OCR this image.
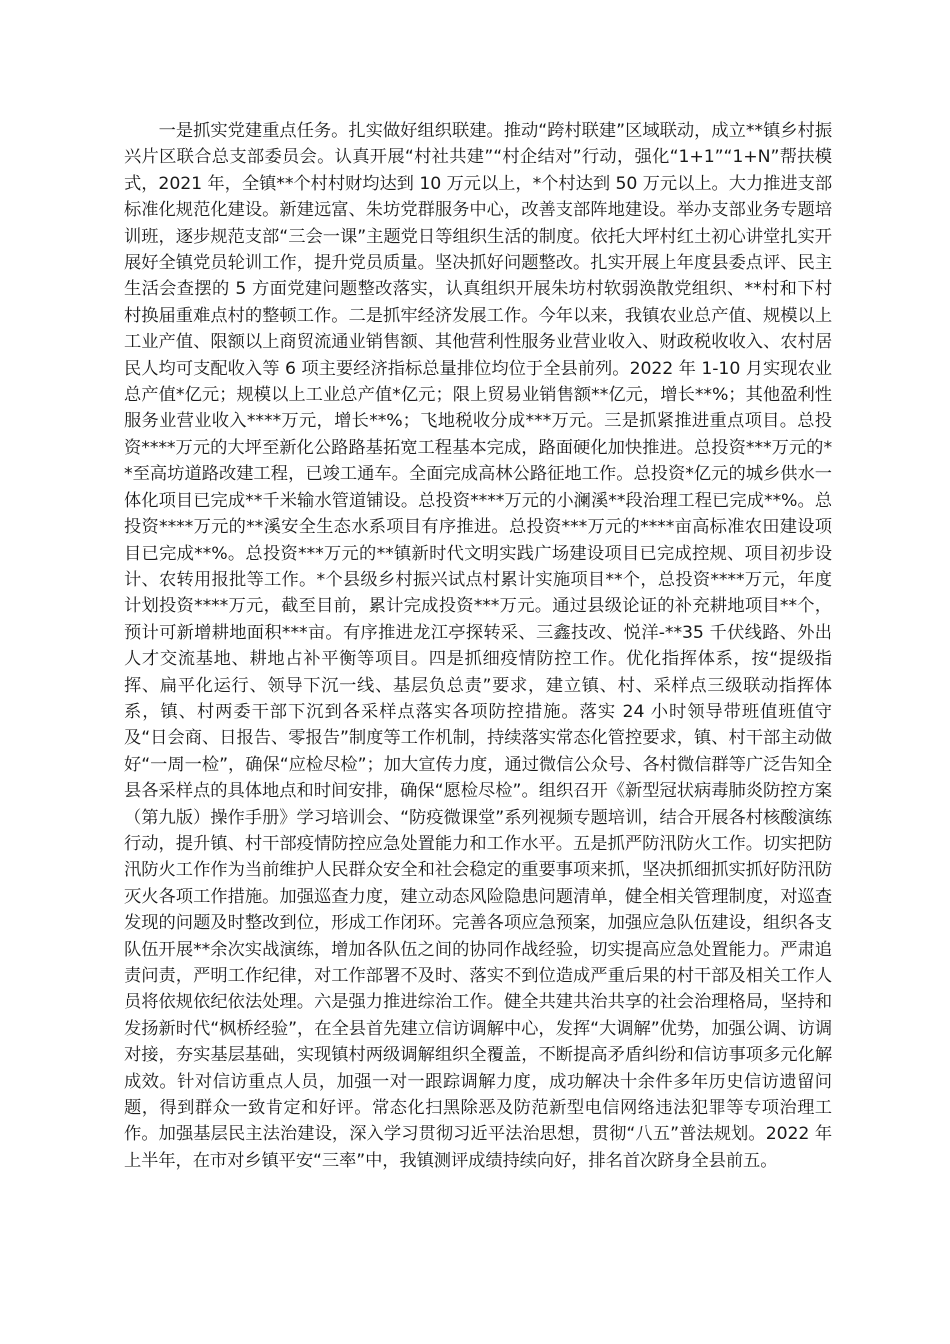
一是抓实党建重点任务。扎实做好组织联建。推动“跨村联建”区域联动，成立**镇乡村振兴片区联合总支部委员会。认真开展“村社共建”“村企结对”行动，强化“1+1”“1+N”帮扶模式，2021 年，全镇**个村村财均达到 10 万元以上，*个村达到 50 万元以上。大力推进支部标准化规范化建设。新建远富、朱坊党群服务中心，改善支部阵地建设。举办支部业务专题培训班，逐步规范支部“三会一课”主题党日等组织生活的制度。依托大坪村红土初心讲堂扎实开展好全镇党员轮训工作，提升党员质量。坚决抓好问题整改。扎实开展上年度县委点评、民主生活会查摆的 5 方面党建问题整改落实，认真组织开展朱坊村软弱涣散党组织、**村和下村村换届重难点村的整顿工作。二是抓牢经济发展工作。今年以来，我镇农业总产值、规模以上工业产值、限额以上商贸流通业销售额、其他营利性服务业营业收入、财政税收收入、农村居民人均可支配收入等 6 项主要经济指标总量排位均位于全县前列。2022 年 1-10 月实现农业总产值*亿元；规模以上工业总产值*亿元；限上贸易业销售额**亿元，增长**%；其他盈利性服务业营业收入****万元，增长**%；飞地税收分成***万元。三是抓紧推进重点项目。总投资****万元的大坪至新化公路路基拓宽工程基本完成，路面硬化加快推进。总投资***万元的**至高坊道路改建工程，已竣工通车。全面完成高林公路征地工作。总投资*亿元的城乡供水一体化项目已完成**千米输水管道铺设。总投资****万元的小澜溪**段治理工程已完成**%。总投资****万元的**溪安全生态水系项目有序推进。总投资***万元的****亩高标准农田建设项目已完成**%。总投资***万元的**镇新时代文明实践广场建设项目已完成控规、项目初步设计、农转用报批等工作。*个县级乡村振兴试点村累计实施项目**个，总投资****万元，年度计划投资****万元，截至目前，累计完成投资***万元。通过县级论证的补充耕地项目**个，预计可新增耕地面积***亩。有序推进龙江亭探转采、三鑫技改、悦洋-**35 千伏线路、外出人才交流基地、耕地占补平衡等项目。四是抓细疫情防控工作。优化指挥体系，按“提级指挥、扁平化运行、领导下沉一线、基层负总责”要求，建立镇、村、采样点三级联动指挥体系，镇、村两委干部下沉到各采样点落实各项防控措施。落实 24 小时领导带班值班值守及“日会商、日报告、零报告”制度等工作机制，持续落实常态化管控要求，镇、村干部主动做好“一周一检”，确保“应检尽检”；加大宣传力度，通过微信公众号、各村微信群等广泛告知全县各采样点的具体地点和时间安排，确保“愿检尽检”。组织召开《新型冠状病毒肺炎防控方案（第九版）操作手册》学习培训会、“防疫微课堂”系列视频专题培训，结合开展各村核酸演练行动，提升镇、村干部疫情防控应急处置能力和工作水平。五是抓严防汛防火工作。切实把防汛防火工作作为当前维护人民群众安全和社会稳定的重要事项来抓，坚决抓细抓实抓好防汛防灭火各项工作措施。加强巡查力度，建立动态风险隐患问题清单，健全相关管理制度，对巡查发现的问题及时整改到位，形成工作闭环。完善各项应急预案，加强应急队伍建设，组织各支队伍开展**余次实战演练，增加各队伍之间的协同作战经验，切实提高应急处置能力。严肃追责问责，严明工作纪律，对工作部署不及时、落实不到位造成严重后果的村干部及相关工作人员将依规依纪依法处理。六是强力推进综治工作。健全共建共治共享的社会治理格局，坚持和发扬新时代“枫桥经验”，在全县首先建立信访调解中心，发挥“大调解”优势，加强公调、访调对接，夯实基层基础，实现镇村两级调解组织全覆盖，不断提高矛盾纠纷和信访事项多元化解成效。针对信访重点人员，加强一对一跟踪调解力度，成功解决十余件多年历史信访遗留问题，得到群众一致肯定和好评。常态化扫黑除恶及防范新型电信网络违法犯罪等专项治理工作。加强基层民主法治建设，深入学习贯彻习近平法治思想，贯彻“八五”普法规划。2022 年上半年，在市对乡镇平安“三率”中，我镇测评成绩持续向好，排名首次跻身全县前五。
